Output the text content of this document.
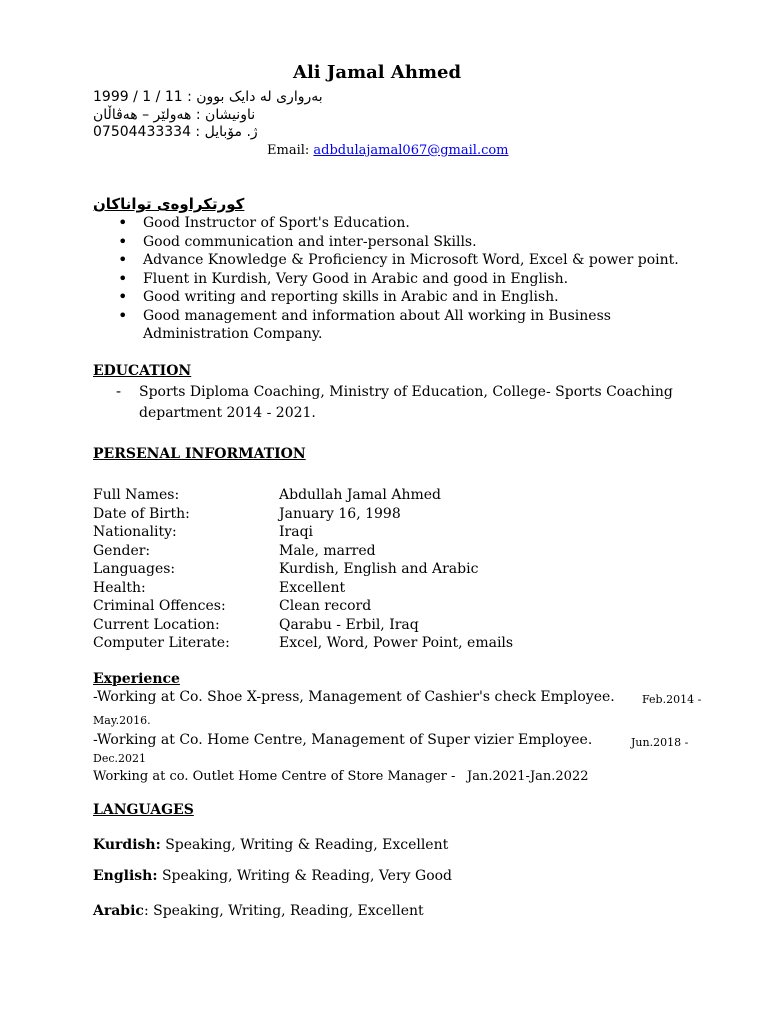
Ali Jamal Ahmed
بەرواری لە دایک بوون : 11 / 1 / 1999
ناونیشان : هەولێر – هەڤاڵان
ژ. مۆبایل : 07504433334
Email: adbdulajamal067@gmail.com
کورتکراوەی تواناکان
• Good Instructor of Sport's Education.
• Good communication and inter-personal Skills.
• Advance Knowledge & Proficiency in Microsoft Word, Excel & power point.
• Fluent in Kurdish, Very Good in Arabic and good in English.
• Good writing and reporting skills in Arabic and in English.
• Good management and information about All working in Business Administration Company.
EDUCATION
- Sports Diploma Coaching, Ministry of Education, College- Sports Coaching department 2014 - 2021.
PERSENAL INFORMATION
Full Names:	Abdullah Jamal Ahmed
Date of Birth:	January 16, 1998
Nationality:	Iraqi
Gender:	Male, marred
Languages:	Kurdish, English and Arabic
Health:	Excellent
Criminal Offences:	Clean record
Current Location:	Qarabu - Erbil, Iraq
Computer Literate:	Excel, Word, Power Point, emails
Experience
-Working at Co. Shoe X-press, Management of Cashier's check Employee. Feb.2014 -
May.2016.
-Working at Co. Home Centre, Management of Super vizier Employee.	Jun.2018 -
Dec.2021
Working at co. Outlet Home Centre of Store Manager - Jan.2021-Jan.2022
LANGUAGES
Kurdish: Speaking, Writing & Reading, Excellent
English: Speaking, Writing & Reading, Very Good
Arabic: Speaking, Writing, Reading, Excellent
